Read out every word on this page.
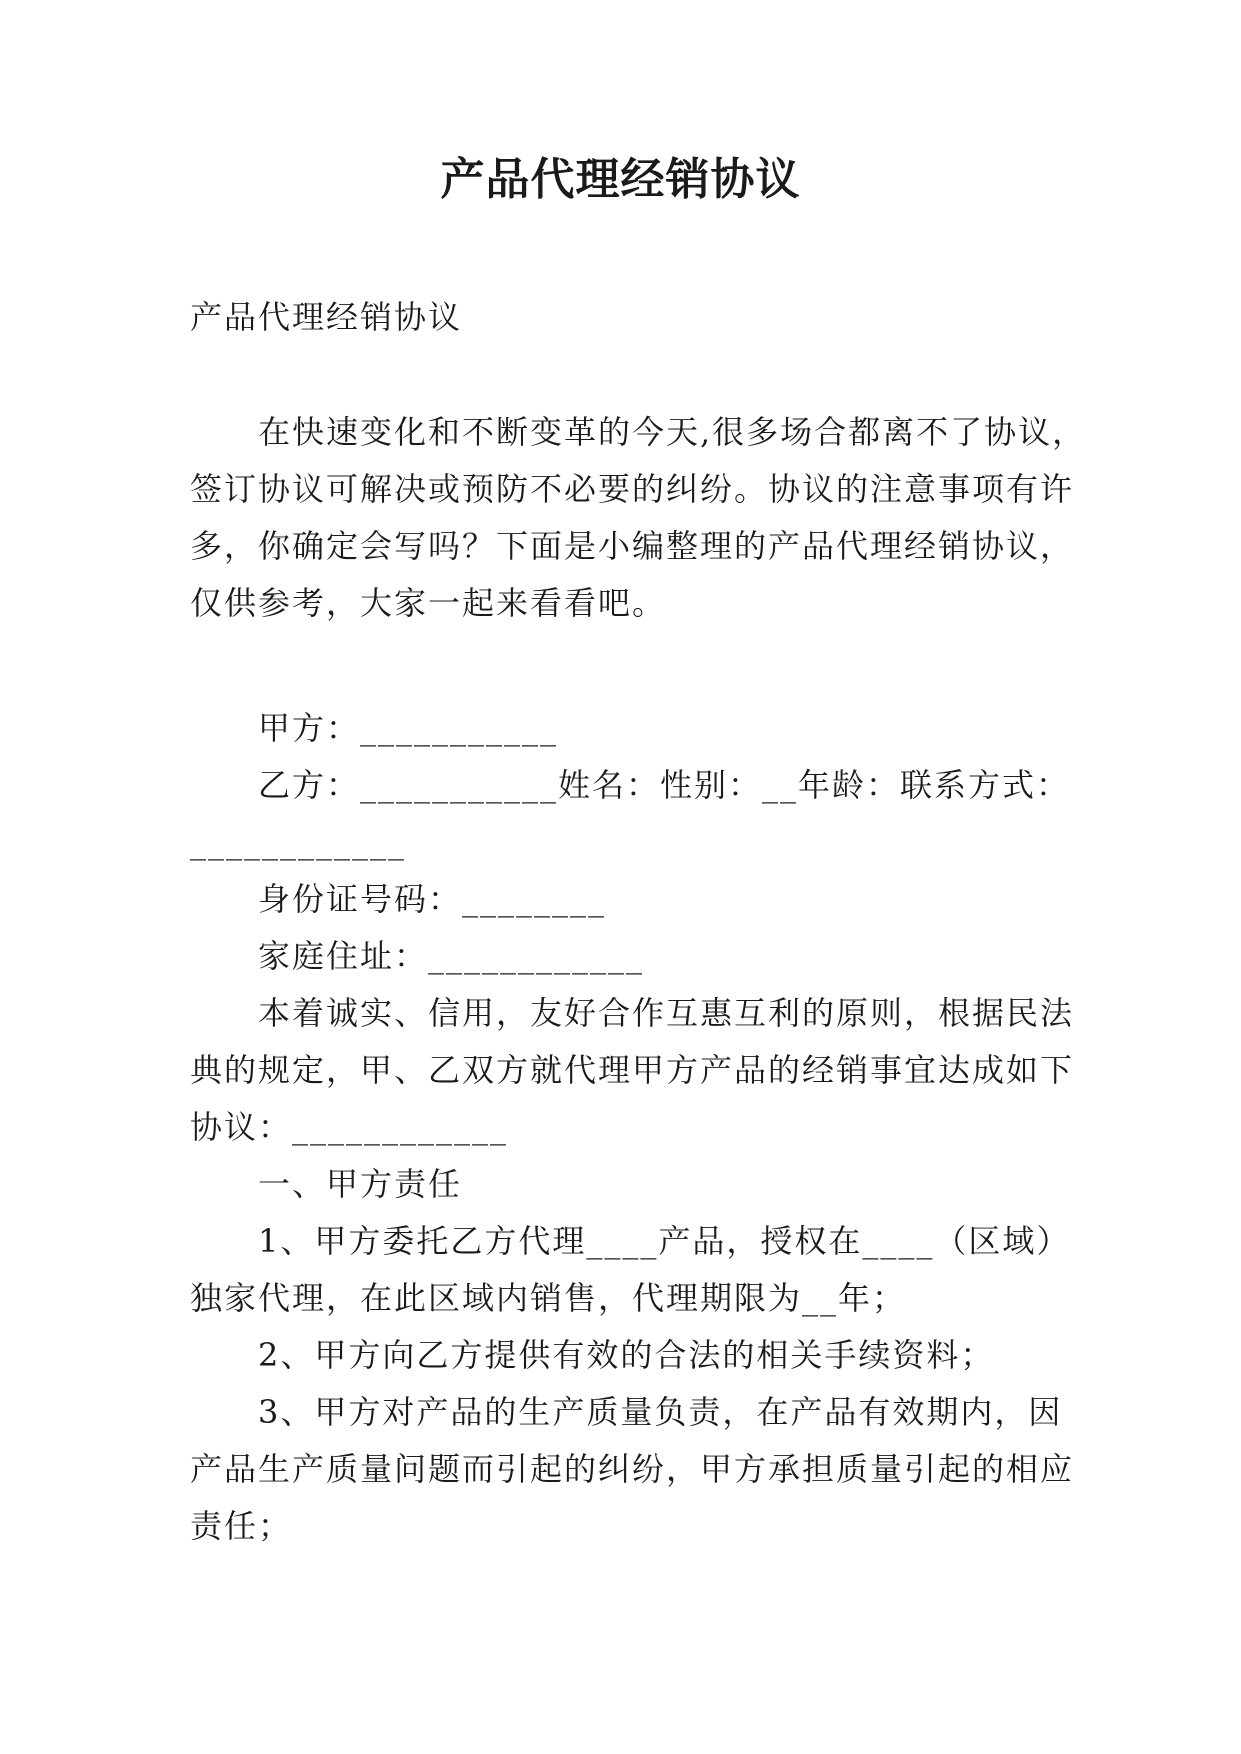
产品代理经销协议
产品代理经销协议
在快速变化和不断变革的今天,很多场合都离不了协议，
签订协议可解决或预防不必要的纠纷。协议的注意事项有许
多，你确定会写吗？下面是小编整理的产品代理经销协议，
仅供参考，大家一起来看看吧。
甲方：___________
乙方：___________姓名：性别：__年龄：联系方式：
____________
身份证号码：________
家庭住址：____________
本着诚实、信用，友好合作互惠互利的原则，根据民法
典的规定，甲、乙双方就代理甲方产品的经销事宜达成如下
协议：____________
一、甲方责任
1、甲方委托乙方代理____产品，授权在____（区域）
独家代理，在此区域内销售，代理期限为__年；
2、甲方向乙方提供有效的合法的相关手续资料；
3、甲方对产品的生产质量负责，在产品有效期内，因
产品生产质量问题而引起的纠纷，甲方承担质量引起的相应
责任；
